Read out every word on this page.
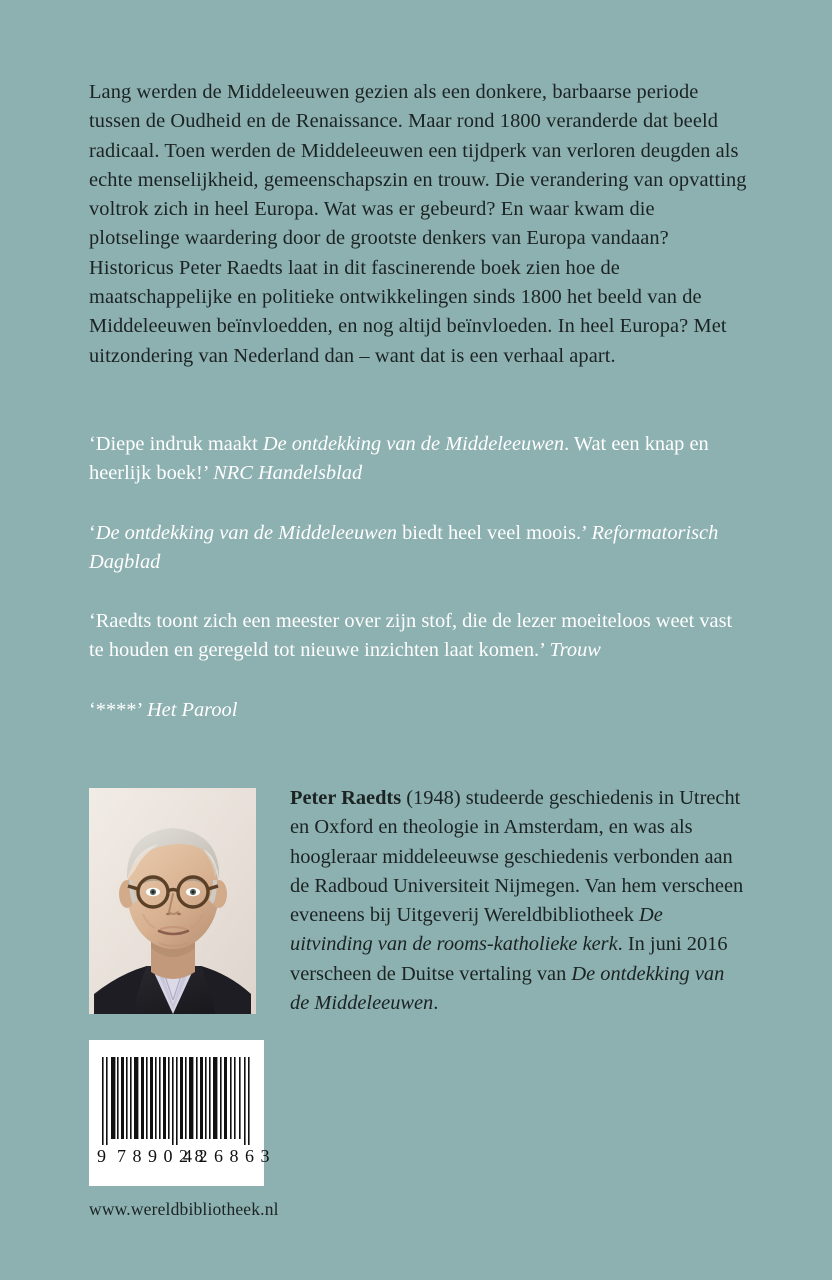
Lang werden de Middeleeuwen gezien als een donkere, barbaarse periode tussen de Oudheid en de Renaissance. Maar rond 1800 veranderde dat beeld radicaal. Toen werden de Middeleeuwen een tijdperk van verloren deugden als echte menselijkheid, gemeenschapszin en trouw. Die verandering van opvatting voltrok zich in heel Europa. Wat was er gebeurd? En waar kwam die plotselinge waardering door de grootste denkers van Europa vandaan?

Historicus Peter Raedts laat in dit fascinerende boek zien hoe de maatschappelijke en politieke ontwikkelingen sinds 1800 het beeld van de Middeleeuwen beïnvloedden, en nog altijd beïnvloeden. In heel Europa? Met uitzondering van Nederland dan – want dat is een verhaal apart.

‘Diepe indruk maakt De ontdekking van de Middeleeuwen. Wat een knap en heerlijk boek!’ NRC Handelsblad

‘De ontdekking van de Middeleeuwen biedt heel veel moois.’ Reformatorisch Dagblad

‘Raedts toont zich een meester over zijn stof, die de lezer moeiteloos weet vast te houden en geregeld tot nieuwe inzichten laat komen.’ Trouw

‘****’ Het Parool

Peter Raedts (1948) studeerde geschiedenis in Utrecht en Oxford en theologie in Amsterdam, en was als hoogleraar middeleeuwse geschiedenis verbonden aan de Radboud Universiteit Nijmegen. Van hem verscheen eveneens bij Uitgeverij Wereldbibliotheek De uitvinding van de rooms-katholieke kerk. In juni 2016 verscheen de Duitse vertaling van De ontdekking van de Middeleeuwen.

9 789028
426863
www.wereldbibliotheek.nl
